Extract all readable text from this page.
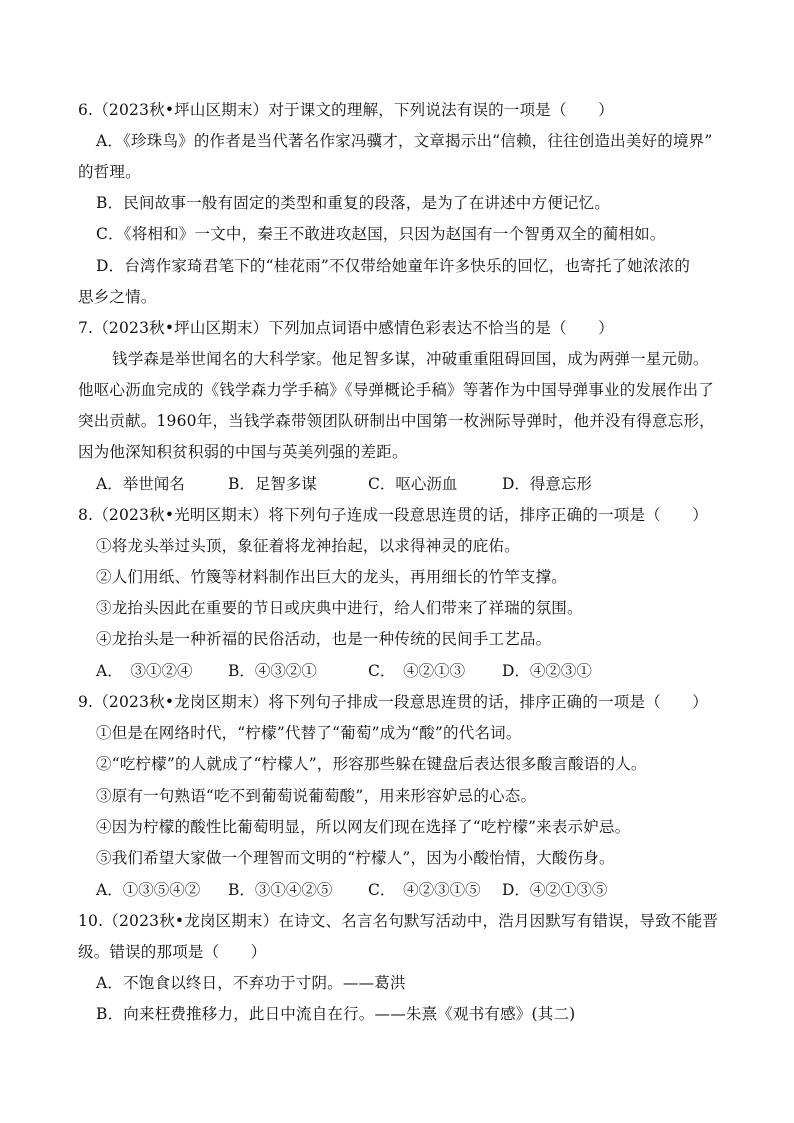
6.（2023秋•坪山区期末）对于课文的理解，下列说法有误的一项是（　　）
A．《珍珠鸟》的作者是当代著名作家冯骥才，文章揭示出“信赖，往往创造出美好的境界”
的哲理。
B．民间故事一般有固定的类型和重复的段落，是为了在讲述中方便记忆。
C．《将相和》一文中，秦王不敢进攻赵国，只因为赵国有一个智勇双全的蔺相如。
D．台湾作家琦君笔下的“桂花雨”不仅带给她童年许多快乐的回忆，也寄托了她浓浓的
思乡之情。
7.（2023秋•坪山区期末）下列加点词语中感情色彩表达不恰当的是（　　）
钱学森是举世闻名的大科学家。他足智多谋，冲破重重阻碍回国，成为两弹一星元勋。
他呕心沥血完成的《钱学森力学手稿》《导弹概论手稿》等著作为中国导弹事业的发展作出了
突出贡献。1960年，当钱学森带领团队研制出中国第一枚洲际导弹时，他并没有得意忘形，
因为他深知积贫积弱的中国与英美列强的差距。
A．举世闻名	B．足智多谋	C．呕心沥血	D．得意忘形
8.（2023秋•光明区期末）将下列句子连成一段意思连贯的话，排序正确的一项是（　　）
①将龙头举过头顶，象征着将龙神抬起，以求得神灵的庇佑。
②人们用纸、竹篾等材料制作出巨大的龙头，再用细长的竹竿支撑。
③龙抬头因此在重要的节日或庆典中进行，给人们带来了祥瑞的氛围。
④龙抬头是一种祈福的民俗活动，也是一种传统的民间手工艺品。
A．　③①②④ B．④③②①	C．　④②①③ D．④②③①
9.（2023秋•龙岗区期末）将下列句子排成一段意思连贯的话，排序正确的一项是（　　）
①但是在网络时代，“柠檬”代替了“葡萄”成为“酸”的代名词。
②“吃柠檬”的人就成了“柠檬人”，形容那些躲在键盘后表达很多酸言酸语的人。
③原有一句熟语“吃不到葡萄说葡萄酸”，用来形容妒忌的心态。
④因为柠檬的酸性比葡萄明显，所以网友们现在选择了“吃柠檬”来表示妒忌。
⑤我们希望大家做一个理智而文明的“柠檬人”，因为小酸怡情，大酸伤身。
A．①③⑤④② B．③①④②⑤ C．　④②③①⑤ D．④②①③⑤
10.（2023秋•龙岗区期末）在诗文、名言名句默写活动中，浩月因默写有错误，导致不能晋
级。错误的那项是（　　）
A．不饱食以终日，不弃功于寸阴。——葛洪
B．向来枉费推移力，此日中流自在行。——朱熹《观书有感》(其二)
